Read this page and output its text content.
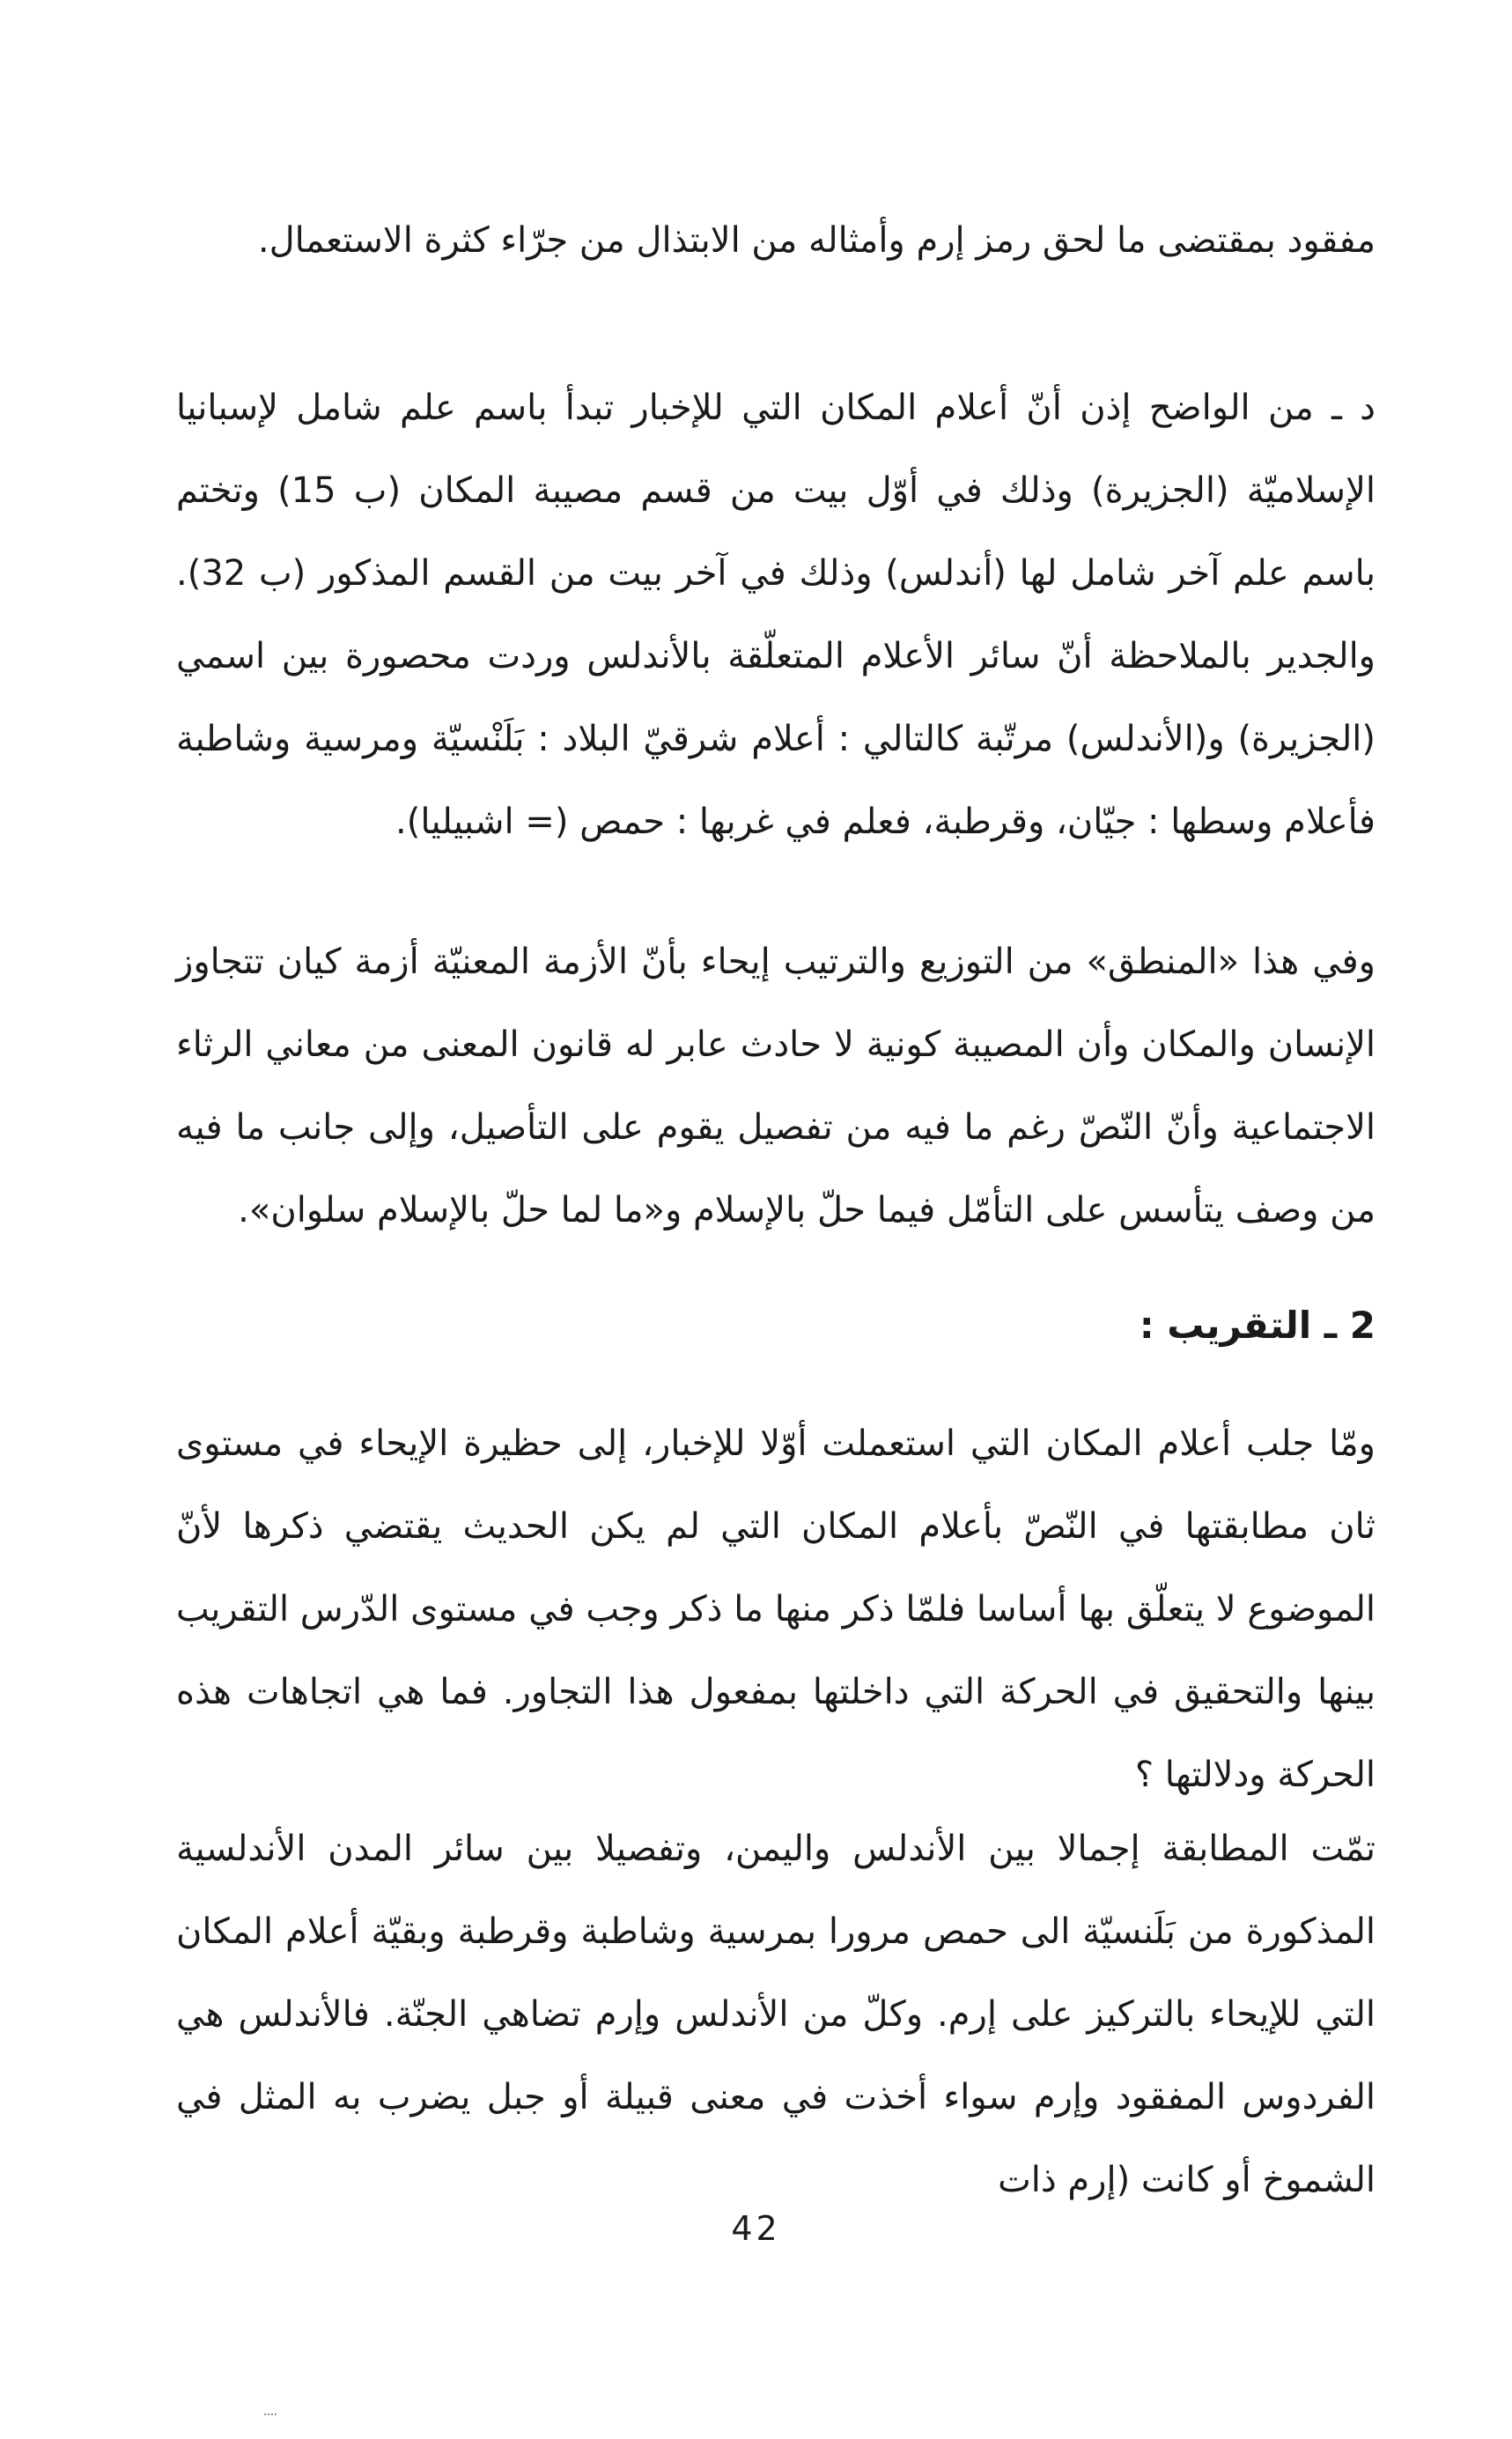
مفقود بمقتضى ما لحق رمز إرم وأمثاله من الابتذال من جرّاء كثرة الاستعمال.

د ـ من الواضح إذن أنّ أعلام المكان التي للإخبار تبدأ باسم علم شامل لإسبانيا الإسلاميّة (الجزيرة) وذلك في أوّل بيت من قسم مصيبة المكان (ب 15) وتختم باسم علم آخر شامل لها (أندلس) وذلك في آخر بيت من القسم المذكور (ب 32). والجدير بالملاحظة أنّ سائر الأعلام المتعلّقة بالأندلس وردت محصورة بين اسمي (الجزيرة) و(الأندلس) مرتّبة كالتالي : أعلام شرقيّ البلاد : بَلَنْسيّة ومرسية وشاطبة فأعلام وسطها : جيّان، وقرطبة، فعلم في غربها : حمص (= اشبيليا).

وفي هذا «المنطق» من التوزيع والترتيب إيحاء بأنّ الأزمة المعنيّة أزمة كيان تتجاوز الإنسان والمكان وأن المصيبة كونية لا حادث عابر له قانون المعنى من معاني الرثاء الاجتماعية وأنّ النّصّ رغم ما فيه من تفصيل يقوم على التأصيل، وإلى جانب ما فيه من وصف يتأسس على التأمّل فيما حلّ بالإسلام و«ما لما حلّ بالإسلام سلوان».

2 ـ التقريب :

ومّا جلب أعلام المكان التي استعملت أوّلا للإخبار، إلى حظيرة الإيحاء في مستوى ثان مطابقتها في النّصّ بأعلام المكان التي لم يكن الحديث يقتضي ذكرها لأنّ الموضوع لا يتعلّق بها أساسا فلمّا ذكر منها ما ذكر وجب في مستوى الدّرس التقريب بينها والتحقيق في الحركة التي داخلتها بمفعول هذا التجاور. فما هي اتجاهات هذه الحركة ودلالتها ؟

تمّت المطابقة إجمالا بين الأندلس واليمن، وتفصيلا بين سائر المدن الأندلسية المذكورة من بَلَنسيّة الى حمص مرورا بمرسية وشاطبة وقرطبة وبقيّة أعلام المكان التي للإيحاء بالتركيز على إرم. وكلّ من الأندلس وإرم تضاهي الجنّة. فالأندلس هي الفردوس المفقود وإرم سواء أخذت في معنى قبيلة أو جبل يضرب به المثل في الشموخ أو كانت (إرم ذات

42
